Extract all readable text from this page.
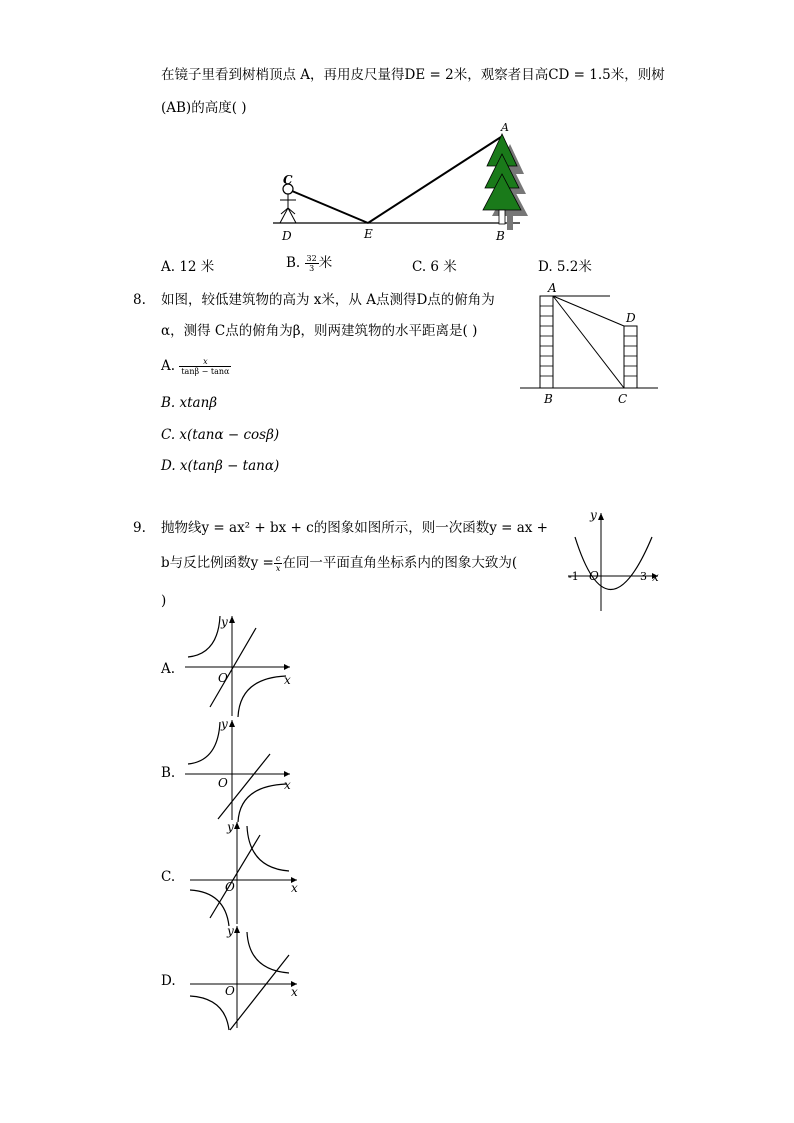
在镜子里看到树梢顶点 A，再用皮尺量得DE = 2米，观察者目高CD = 1.5米，则树
(AB)的高度( )
C
D	E	B
A
A. 12 米	B. $\frac{32}{3}$ 米	C. 6 米	D. 5.2米
8. 如图，较低建筑物的高为 x米，从 A点测得D点的俯角为
α，测得 C点的俯角为β，则两建筑物的水平距离是( )
A. $\frac{x}{\tan\beta - \tan\alpha}$
B. xtanβ
C. x(tanα − cosβ)
D. x(tanβ − tanα)
A
D
B	C
9. 抛物线y = ax² + bx + c的图象如图所示，则一次函数y = ax +
b与反比例函数$y = \frac{c}{x}$ 在同一平面直角坐标系内的图象大致为(
)
y
x
O
-1	3
A.
y
x
O
B.
y
x
O
C.
y
x
O
D.
y
x
O
